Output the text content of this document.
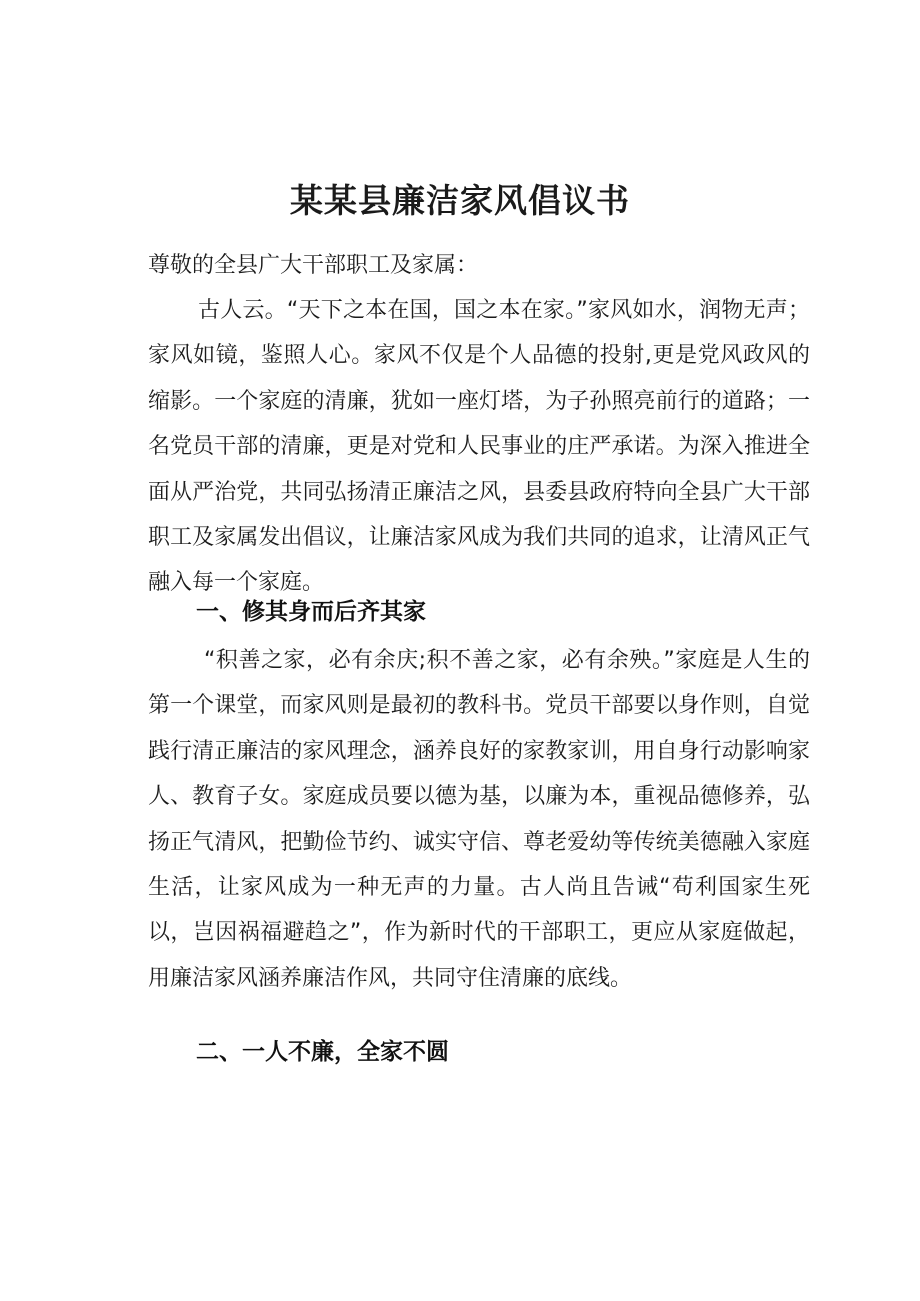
某某县廉洁家风倡议书

尊敬的全县广大干部职工及家属：

古人云。“天下之本在国，国之本在家。”家风如水，润物无声；家风如镜，鉴照人心。家风不仅是个人品德的投射,更是党风政风的缩影。一个家庭的清廉，犹如一座灯塔，为子孙照亮前行的道路；一名党员干部的清廉，更是对党和人民事业的庄严承诺。为深入推进全面从严治党，共同弘扬清正廉洁之风，县委县政府特向全县广大干部职工及家属发出倡议，让廉洁家风成为我们共同的追求，让清风正气融入每一个家庭。

一、修其身而后齐其家

“积善之家，必有余庆;积不善之家，必有余殃。”家庭是人生的第一个课堂，而家风则是最初的教科书。党员干部要以身作则，自觉践行清正廉洁的家风理念，涵养良好的家教家训，用自身行动影响家人、教育子女。家庭成员要以德为基，以廉为本，重视品德修养，弘扬正气清风，把勤俭节约、诚实守信、尊老爱幼等传统美德融入家庭生活，让家风成为一种无声的力量。古人尚且告诫“苟利国家生死以，岂因祸福避趋之”，作为新时代的干部职工，更应从家庭做起，用廉洁家风涵养廉洁作风，共同守住清廉的底线。

二、一人不廉，全家不圆
